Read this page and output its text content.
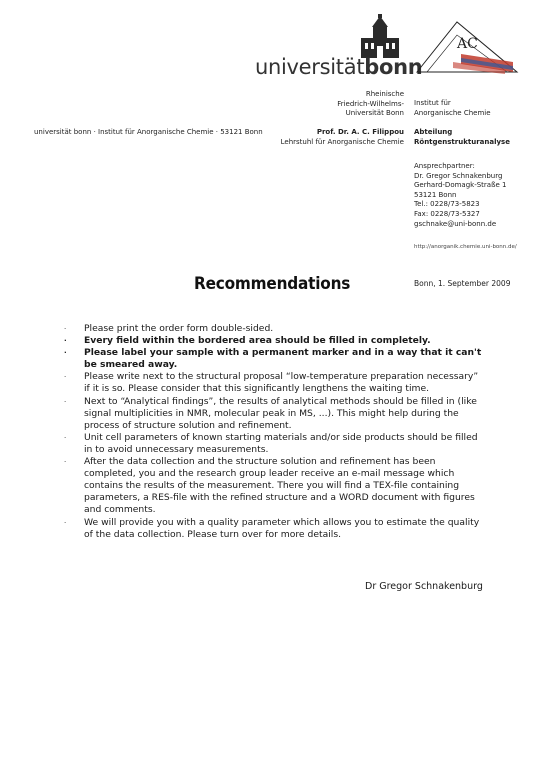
universitätbonn
AC
Rheinische
Friedrich-Wilhelms-
Universität Bonn
Institut für
Anorganische Chemie
universität bonn · Institut für Anorganische Chemie · 53121 Bonn	Prof. Dr. A. C. Filippou
Lehrstuhl für Anorganische Chemie
Abteilung
Röntgenstrukturanalyse
Ansprechpartner:
Dr. Gregor Schnakenburg
Gerhard-Domagk-Straße 1
53121 Bonn
Tel.: 0228/73-5823
Fax: 0228/73-5327
gschnake@uni-bonn.de
http://anorganik.chemie.uni-bonn.de/
Recommendations	Bonn, 1. September 2009
·	Please print the order form double-sided.
·	Every field within the bordered area should be filled in completely.
·	Please label your sample with a permanent marker and in a way that it can't be smeared away.
·	Please write next to the structural proposal “low-temperature preparation necessary” if it is so. Please consider that this significantly lengthens the waiting time.
·	Next to “Analytical findings”, the results of analytical methods should be filled in (like signal multiplicities in NMR, molecular peak in MS, ...). This might help during the process of structure solution and refinement.
·	Unit cell parameters of known starting materials and/or side products should be filled in to avoid unnecessary measurements.
·	After the data collection and the structure solution and refinement has been completed, you and the research group leader receive an e-mail message which contains the results of the measurement. There you will find a TEX-file containing parameters, a RES-file with the refined structure and a WORD document with figures and comments.
·	We will provide you with a quality parameter which allows you to estimate the quality of the data collection. Please turn over for more details.
Dr Gregor Schnakenburg
